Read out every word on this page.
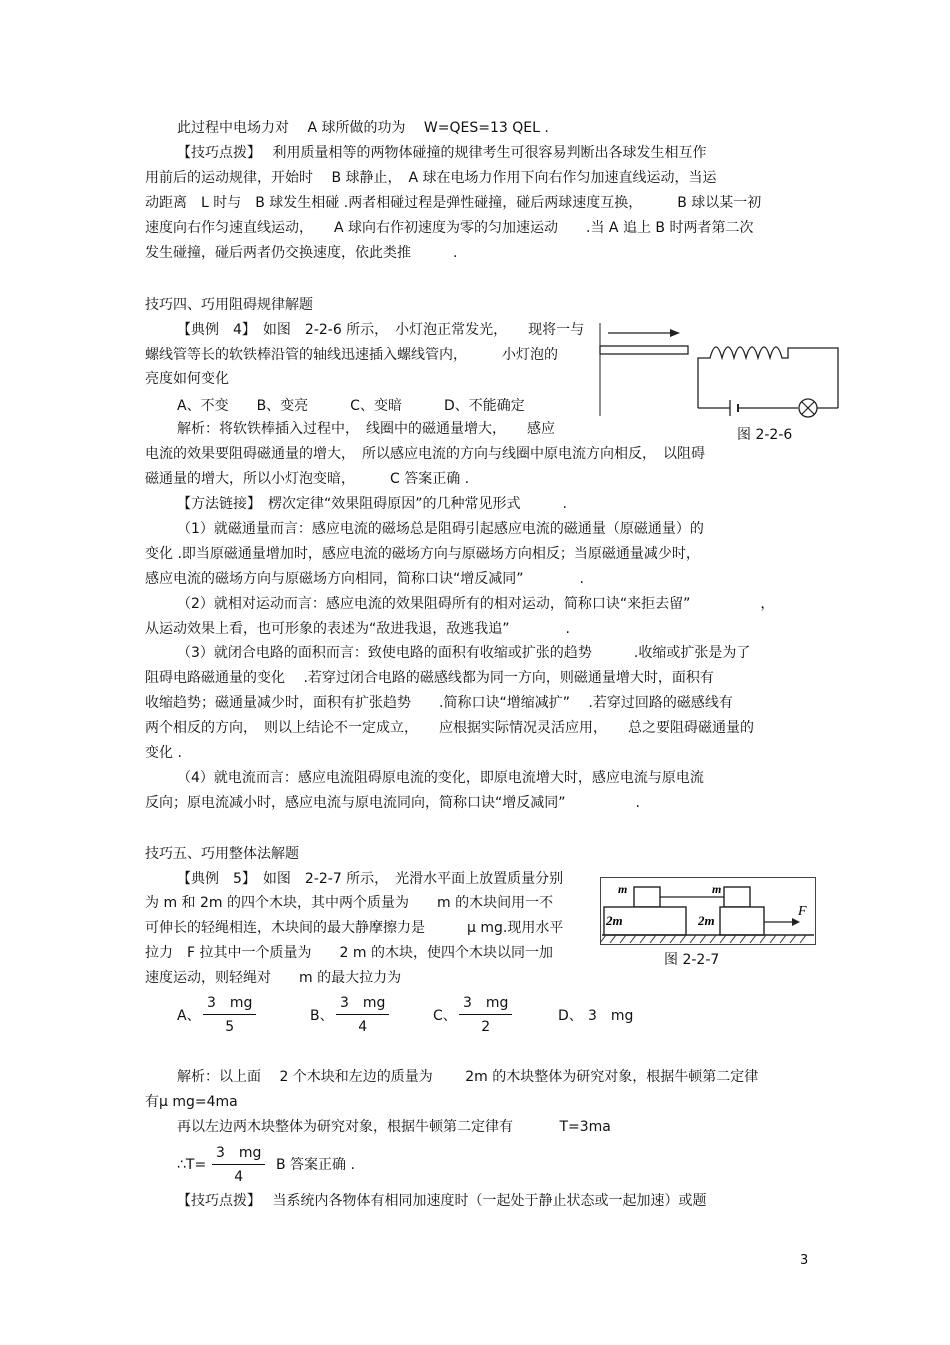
此过程中电场力对　 A 球所做的功为　 W=QES=13 QEL .
【技巧点拨】　 利用质量相等的两物体碰撞的规律考生可很容易判断出各球发生相互作
用前后的运动规律，开始时　 B 球静止，　A 球在电场力作用下向右作匀加速直线运动，当运
动距离　L 时与　B 球发生相碰 .两者相碰过程是弹性碰撞，碰后两球速度互换，　　　B 球以某一初
速度向右作匀速直线运动，　　A 球向右作初速度为零的匀加速运动　　.当 A 追上 B 时两者第二次
发生碰撞，碰后两者仍交换速度，依此类推　　　.
技巧四、巧用阻碍规律解题
【典例　4】　如图　2-2-6 所示，　小灯泡正常发光，　　现将一与
螺线管等长的软铁棒沿管的轴线迅速插入螺线管内，　　　小灯泡的
亮度如何变化
A、不变　　B、变亮　　　C、变暗　　　D、不能确定
解析：将软铁棒插入过程中，　线圈中的磁通量增大，　　感应
电流的效果要阻碍磁通量的增大，　所以感应电流的方向与线圈中原电流方向相反，　以阻碍
磁通量的增大，所以小灯泡变暗，　　　C 答案正确 .
图 2-2-6
【方法链接】　楞次定律“效果阻碍原因”的几种常见形式　　　.
（1）就磁通量而言：感应电流的磁场总是阻碍引起感应电流的磁通量（原磁通量）的
变化 .即当原磁通量增加时，感应电流的磁场方向与原磁场方向相反；当原磁通量减少时，
感应电流的磁场方向与原磁场方向相同，简称口诀“增反减同”　　　　.
（2）就相对运动而言：感应电流的效果阻碍所有的相对运动，简称口诀“来拒去留”　　　　　，
从运动效果上看，也可形象的表述为“敌进我退，敌逃我追”　　　　.
（3）就闭合电路的面积而言：致使电路的面积有收缩或扩张的趋势　　　.收缩或扩张是为了
阻碍电路磁通量的变化　 .若穿过闭合电路的磁感线都为同一方向，则磁通量增大时，面积有
收缩趋势；磁通量减少时，面积有扩张趋势　　.简称口诀“增缩减扩”　 .若穿过回路的磁感线有
两个相反的方向，　则以上结论不一定成立，　　应根据实际情况灵活应用，　　总之要阻碍磁通量的
变化 .
（4）就电流而言：感应电流阻碍原电流的变化，即原电流增大时，感应电流与原电流
反向；原电流减小时，感应电流与原电流同向，简称口诀“增反减同”　　　　　.
技巧五、巧用整体法解题
【典例　5】　如图　2-2-7 所示，　光滑水平面上放置质量分别
为 m 和 2m 的四个木块，其中两个质量为　　m 的木块间用一不
可伸长的轻绳相连，木块间的最大静摩擦力是　　　μ mg.现用水平
拉力　F 拉其中一个质量为　　2 m 的木块，使四个木块以同一加
速度运动，则轻绳对　　m 的最大拉力为
m	m
2m	2m
F
图 2-2-7
A、 $\frac{3 mg}{5}$	B、 $\frac{3 mg}{4}$	C、 $\frac{3 mg}{2}$	D、 3　mg
解析：以上面　 2 个木块和左边的质量为　　 2m 的木块整体为研究对象，根据牛顿第二定律
有μ mg=4ma
再以左边两木块整体为研究对象，根据牛顿第二定律有　　　 T=3ma
∴T= $\frac{3 mg}{4}$ B 答案正确 .
【技巧点拨】　 当系统内各物体有相同加速度时（一起处于静止状态或一起加速）或题
3
